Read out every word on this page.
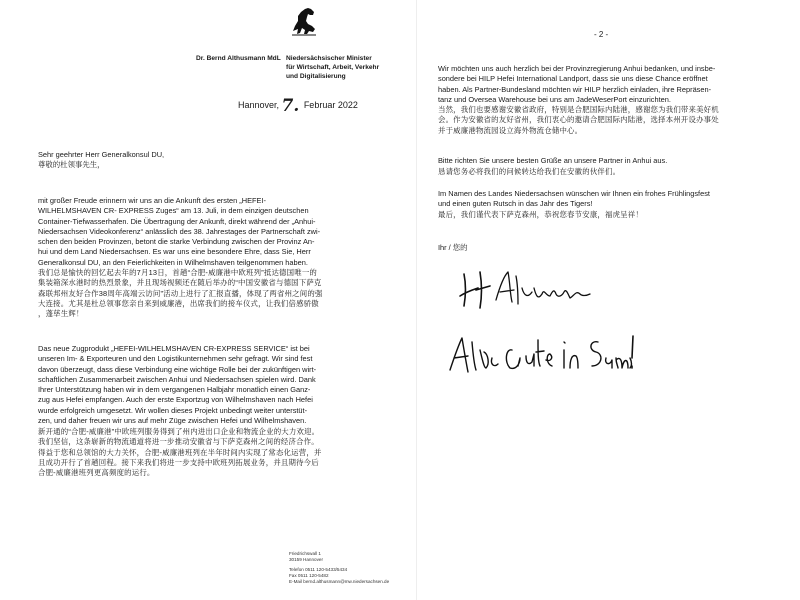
Dr. Bernd Althusmann MdL Niedersächsischer Minister
für Wirtschaft, Arbeit, Verkehr
und Digitalisierung
Hannover, 7. Februar 2022
Sehr geehrter Herr Generalkonsul DU,
尊敬的杜领事先生，
mit großer Freude erinnern wir uns an die Ankunft des ersten „HEFEI-
WILHELMSHAVEN CR- EXPRESS Zuges“ am 13. Juli, in dem einzigen deutschen
Container-Tiefwasserhafen. Die Übertragung der Ankunft, direkt während der „Anhui-
Niedersachsen Videokonferenz“ anlässlich des 38. Jahrestages der Partnerschaft zwi-
schen den beiden Provinzen, betont die starke Verbindung zwischen der Provinz An-
hui und dem Land Niedersachsen. Es war uns eine besondere Ehre, dass Sie, Herr
Generalkonsul DU, an den Feierlichkeiten in Wilhelmshaven teilgenommen haben.
我们总是愉快的回忆起去年的7月13日，首趟“合肥-威廉港中欧班列”抵达德国唯一的
集装箱深水港时的热烈景象，并且现场视频还在随后举办的“中国安徽省与德国下萨克
森联邦州友好合作38周年高端云访问”活动上进行了汇报直播，体现了两省州之间的强
大连接。尤其是杜总领事您亲自来到威廉港，出席我们的接车仪式，让我们倍感骄傲
，蓬荜生辉！
Das neue Zugprodukt „HEFEI-WILHELMSHAVEN CR-EXPRESS SERVICE“ ist bei
unseren Im- & Exporteuren und den Logistikunternehmen sehr gefragt. Wir sind fest
davon überzeugt, dass diese Verbindung eine wichtige Rolle bei der zukünftigen wirt-
schaftlichen Zusammenarbeit zwischen Anhui und Niedersachsen spielen wird. Dank
Ihrer Unterstützung haben wir in dem vergangenen Halbjahr monatlich einen Ganz-
zug aus Hefei empfangen. Auch der erste Exportzug von Wilhelmshaven nach Hefei
wurde erfolgreich umgesetzt. Wir wollen dieses Projekt unbedingt weiter unterstüt-
zen, und daher freuen wir uns auf mehr Züge zwischen Hefei und Wilhelmshaven.
新开通的“合肥-威廉港”中欧班列服务得到了州内进出口企业和物流企业的大力欢迎。
我们坚信，这条崭新的物流通道将进一步推动安徽省与下萨克森州之间的经济合作。
得益于您和总领馆的大力关怀，合肥-威廉港班列在半年时间内实现了常态化运营，并
且成功开行了首趟回程。接下来我们将进一步支持中欧班列拓展业务，并且期待今后
合肥-威廉港班列更高频度的运行。
Friedrichswall 1
30159 Hannover
Telefon 0511 120-5433/5434
Fax 0511 120-5482
E-Mail bernd.althusmann@mw.niedersachsen.de
- 2 -
Wir möchten uns auch herzlich bei der Provinzregierung Anhui bedanken, und insbe-
sondere bei HILP Hefei International Landport, dass sie uns diese Chance eröffnet
haben. Als Partner-Bundesland möchten wir HILP herzlich einladen, ihre Repräsen-
tanz und Oversea Warehouse bei uns am JadeWeserPort einzurichten.
当然，我们也要感谢安徽省政府，特别是合肥国际内陆港，感谢您为我们带来美好机
会。作为安徽省的友好省州，我们衷心的邀请合肥国际内陆港，选择本州开设办事处
并于威廉港物流园设立海外物流仓储中心。
Bitte richten Sie unsere besten Grüße an unsere Partner in Anhui aus.
恳请您务必将我们的问候转达给我们在安徽的伙伴们。
Im Namen des Landes Niedersachsen wünschen wir Ihnen ein frohes Frühlingsfest
und einen guten Rutsch in das Jahr des Tigers!
最后，我们谨代表下萨克森州，恭祝您春节安康，福虎呈祥！
Ihr / 您的
